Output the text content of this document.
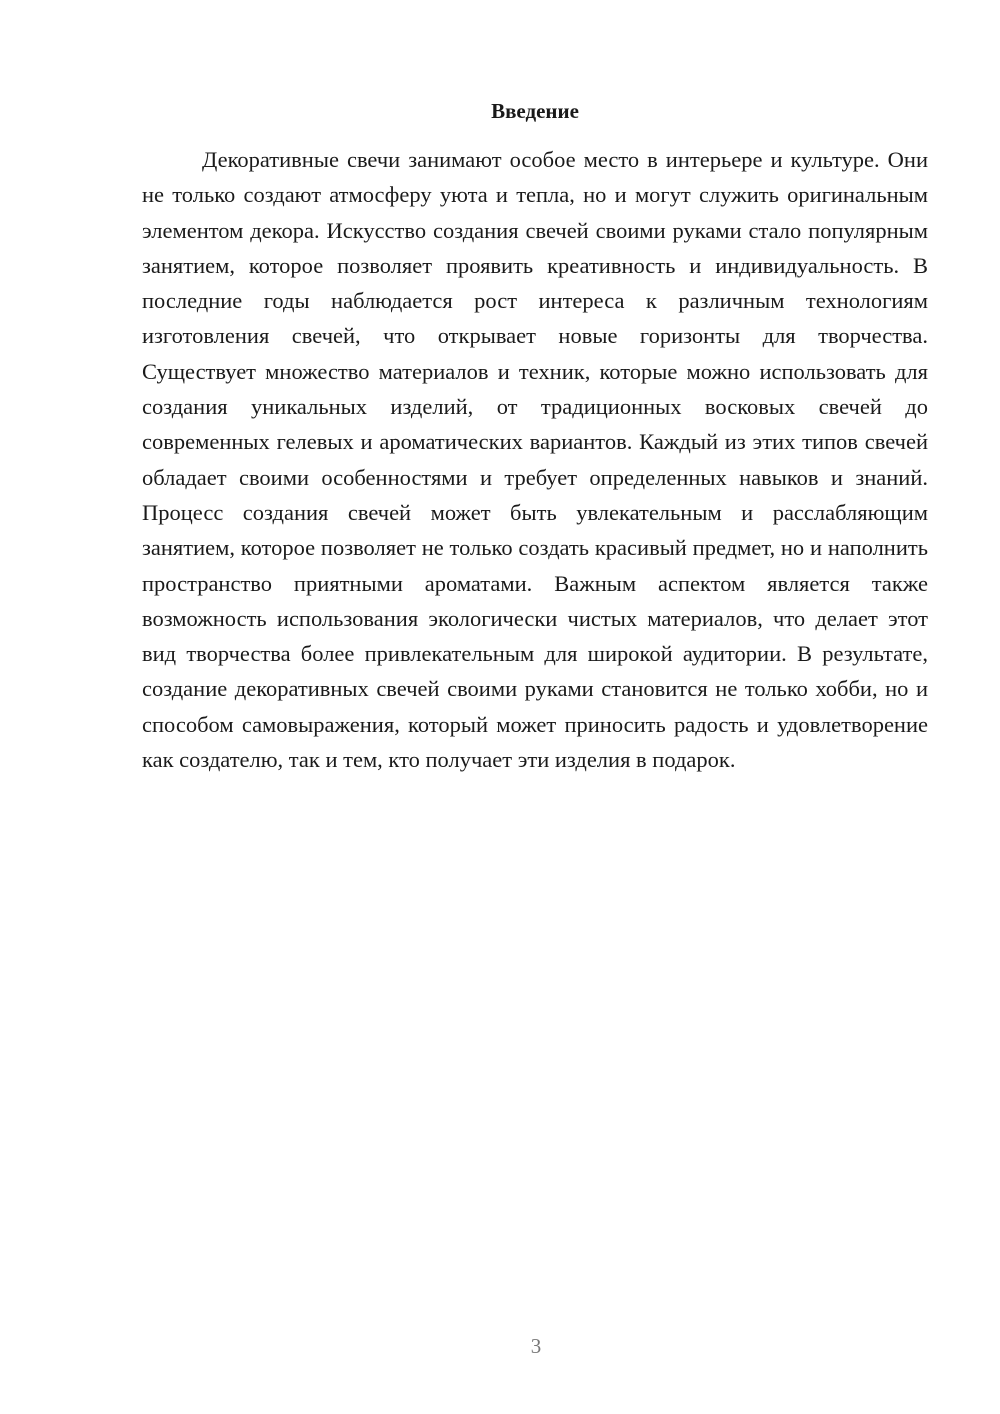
Введение

Декоративные свечи занимают особое место в интерьере и культуре. Они не только создают атмосферу уюта и тепла, но и могут служить оригинальным элементом декора. Искусство создания свечей своими руками стало популярным занятием, которое позволяет проявить креативность и индивидуальность. В последние годы наблюдается рост интереса к различным технологиям изготовления свечей, что открывает новые горизонты для творчества. Существует множество материалов и техник, которые можно использовать для создания уникальных изделий, от традиционных восковых свечей до современных гелевых и ароматических вариантов. Каждый из этих типов свечей обладает своими особенностями и требует определенных навыков и знаний. Процесс создания свечей может быть увлекательным и расслабляющим занятием, которое позволяет не только создать красивый предмет, но и наполнить пространство приятными ароматами. Важным аспектом является также возможность использования экологически чистых материалов, что делает этот вид творчества более привлекательным для широкой аудитории. В результате, создание декоративных свечей своими руками становится не только хобби, но и способом самовыражения, который может приносить радость и удовлетворение как создателю, так и тем, кто получает эти изделия в подарок.

3
